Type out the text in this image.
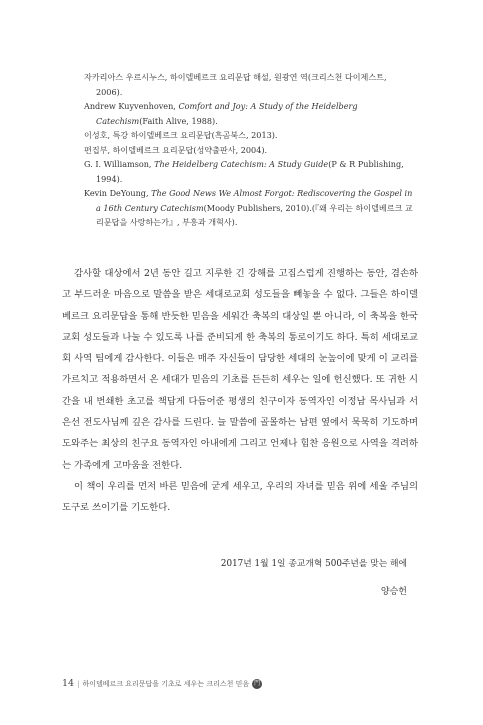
자카리아스 우르시누스, 하이델베르크 요리문답 해설, 원광연 역(크리스천 다이제스트, 2006).
Andrew Kuyvenhoven, Comfort and Joy: A Study of the Heidelberg Catechism(Faith Alive, 1988).
이성호, 특강 하이델베르크 요리문답(흑곰북스, 2013).
편집부, 하이델베르크 요리문답(성약출판사, 2004).
G. I. Williamson, The Heidelberg Catechism: A Study Guide(P & R Publishing, 1994).
Kevin DeYoung, The Good News We Almost Forgot: Rediscovering the Gospel in a 16th Century Catechism(Moody Publishers, 2010).(『왜 우리는 하이델베르크 교리문답을 사랑하는가』, 부흥과 개혁사).
감사할 대상에서 2년 동안 길고 지루한 긴 강해를 고집스럽게 진행하는 동안, 겸손하고 부드러운 마음으로 말씀을 받은 세대로교회 성도들을 빼놓을 수 없다. 그들은 하이델베르크 요리문답을 통해 반듯한 믿음을 세워간 축복의 대상일 뿐 아니라, 이 축복을 한국 교회 성도들과 나눌 수 있도록 나를 준비되게 한 축복의 통로이기도 하다. 특히 세대로교회 사역 팀에게 감사한다. 이들은 매주 자신들이 담당한 세대의 눈높이에 맞게 이 교리를 가르치고 적용하면서 온 세대가 믿음의 기초를 든든히 세우는 일에 헌신했다. 또 귀한 시간을 내 번쇄한 초고를 책답게 다듬어준 평생의 친구이자 동역자인 이정남 목사님과 서은선 전도사님께 깊은 감사를 드린다. 늘 말씀에 골몰하는 남편 옆에서 묵묵히 기도하며 도와주는 최상의 친구요 동역자인 아내에게 그리고 언제나 힘찬 응원으로 사역을 격려하는 가족에게 고마움을 전한다.
이 책이 우리를 먼저 바른 믿음에 굳게 세우고, 우리의 자녀를 믿음 위에 세울 주님의 도구로 쓰이기를 기도한다.
2017년 1월 1일 종교개혁 500주년을 맞는 해에
양승헌
14 | 하이델베르크 요리문답을 기초로 세우는 크리스천 믿음 門
